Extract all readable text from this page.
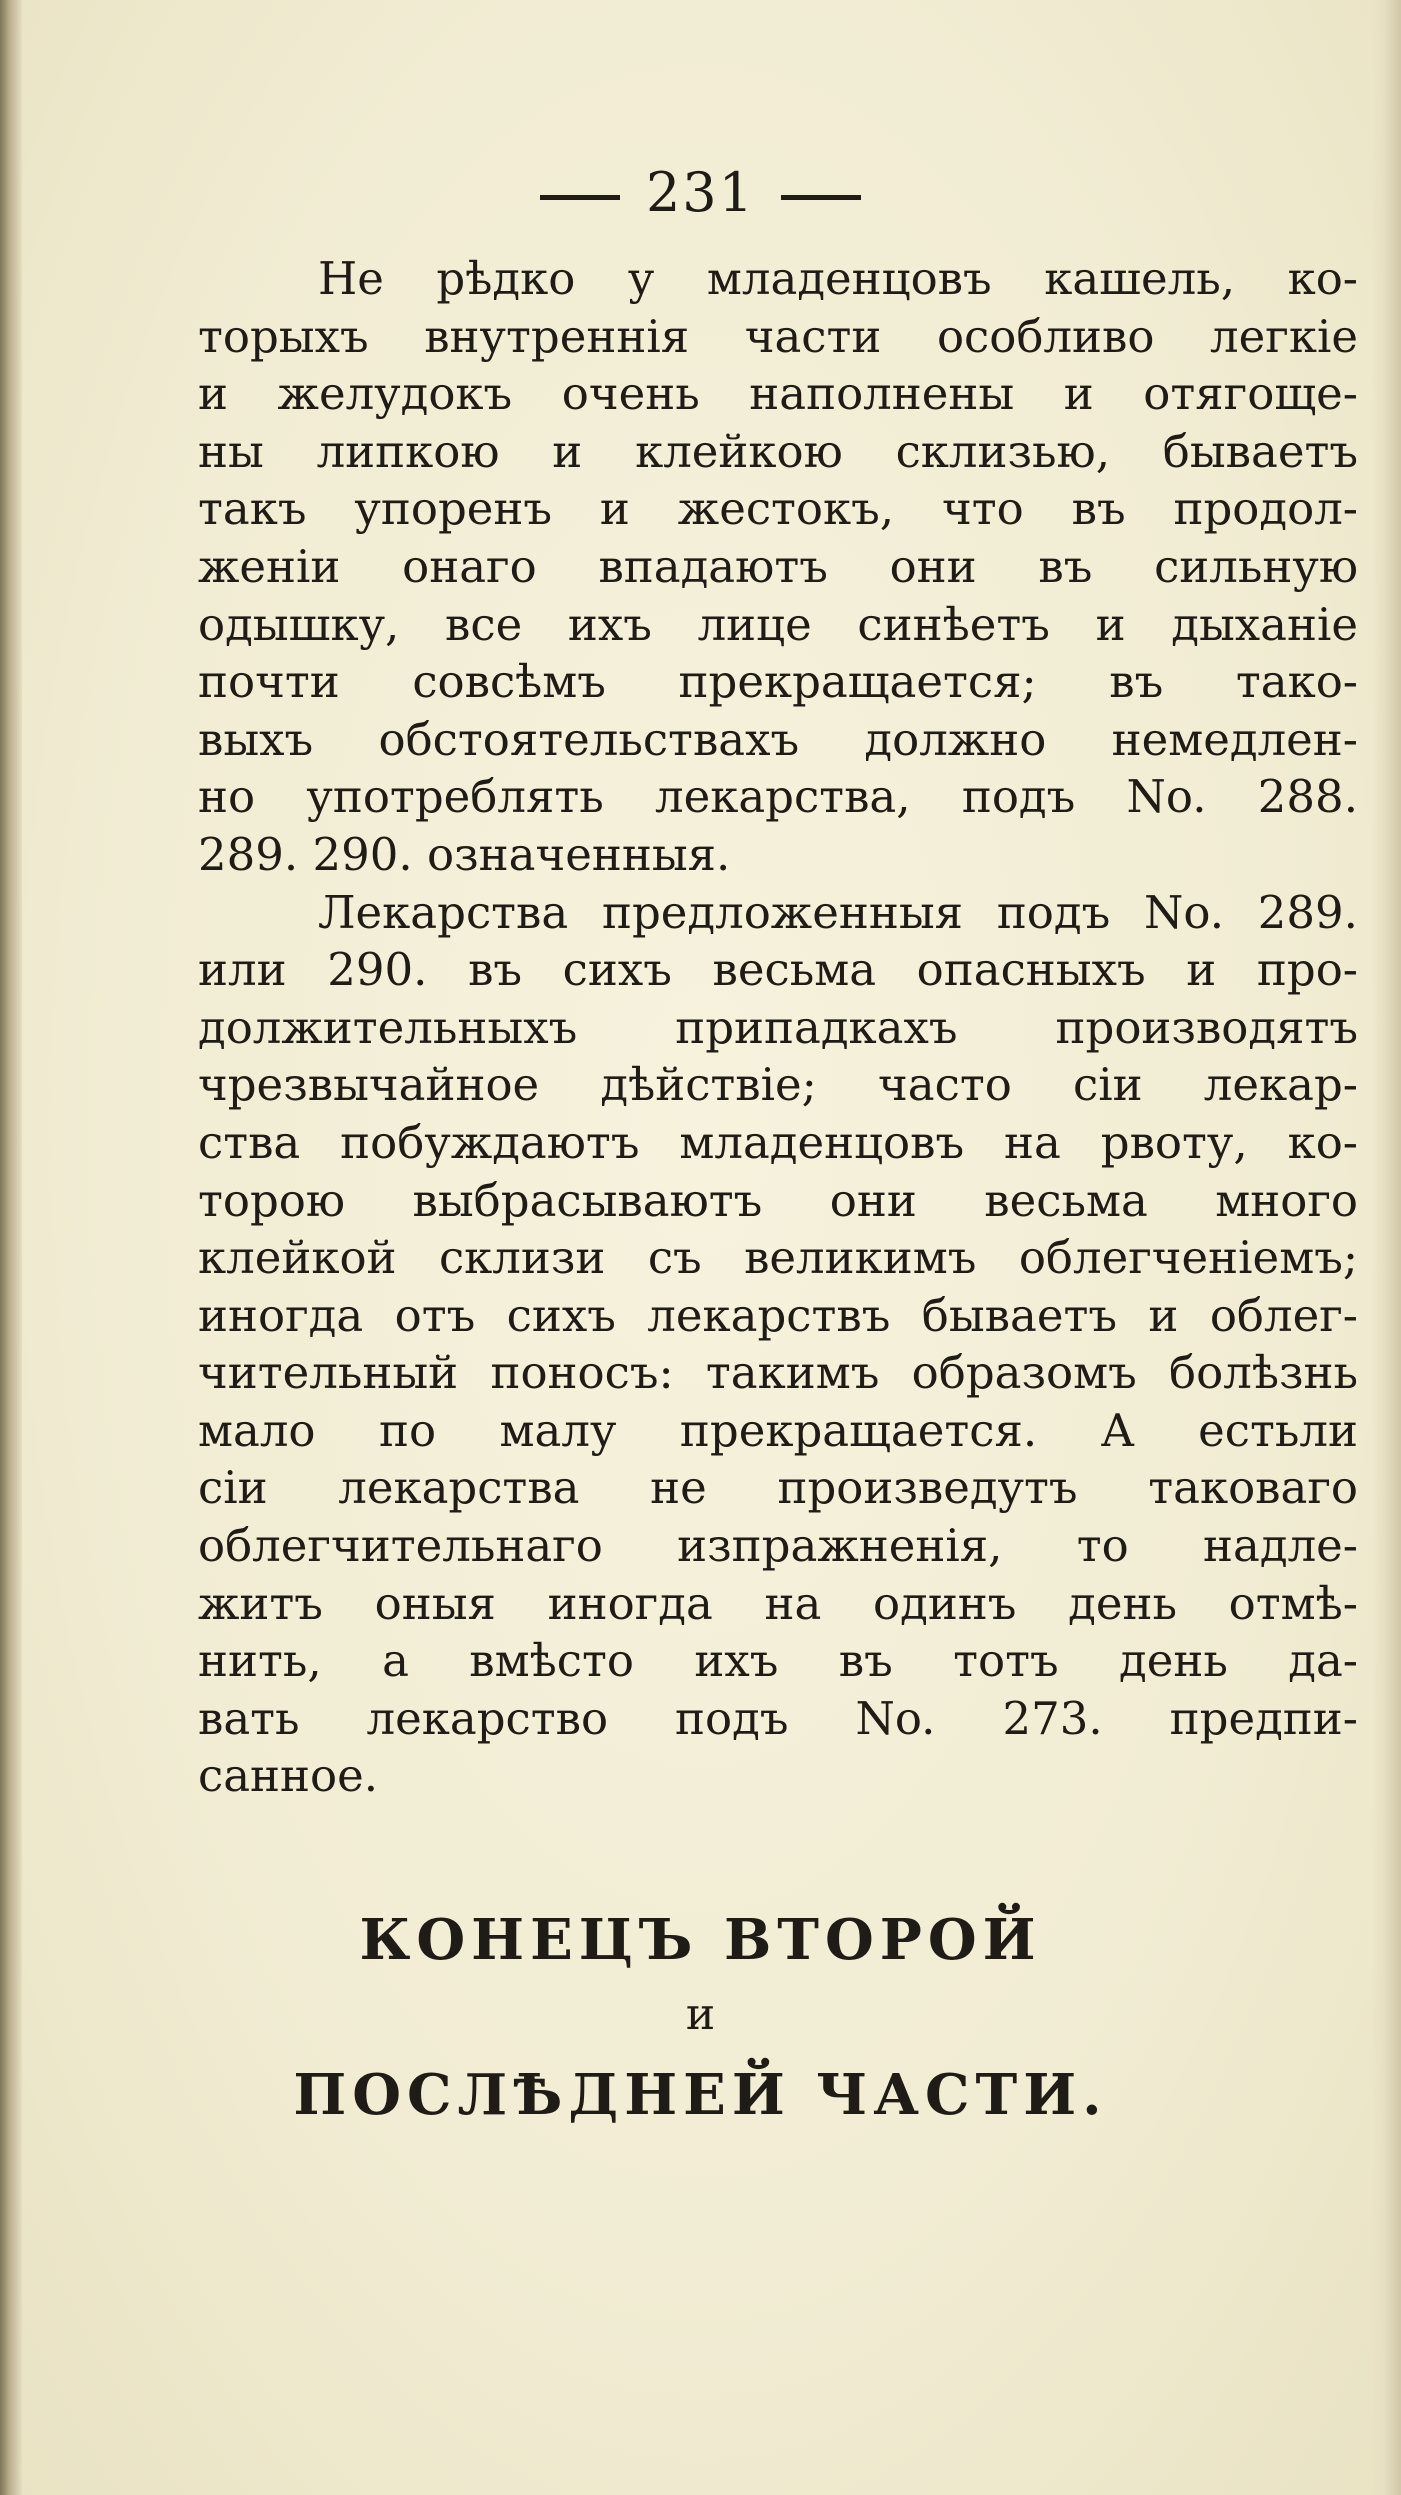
231
Не рѣдко у младенцовъ кашель, ко-
торыхъ внутреннія части особливо легкіе
и желудокъ очень наполнены и отягоще-
ны липкою и клейкою склизью, бываетъ
такъ упоренъ и жестокъ, что въ продол-
женіи онаго впадаютъ они въ сильную
одышку, все ихъ лице синѣетъ и дыханіе
почти совсѣмъ прекращается; въ тако-
выхъ обстоятельствахъ должно немедлен-
но употреблять лекарства, подъ No. 288.
289. 290. означенныя.
Лекарства предложенныя подъ No. 289.
или 290. въ сихъ весьма опасныхъ и про-
должительныхъ припадкахъ производятъ
чрезвычайное дѣйствіе; часто сіи лекар-
ства побуждаютъ младенцовъ на рвоту, ко-
торою выбрасываютъ они весьма много
клейкой склизи съ великимъ облегченіемъ;
иногда отъ сихъ лекарствъ бываетъ и облег-
чительный поносъ: такимъ образомъ болѣзнь
мало по малу прекращается. А естьли
сіи лекарства не произведутъ таковаго
облегчительнаго изпражненія, то надле-
житъ оныя иногда на одинъ день отмѣ-
нить, а вмѣсто ихъ въ тотъ день да-
вать лекарство подъ No. 273. предпи-
санное.
КОНЕЦЪ ВТОРОЙ
и
ПОСЛѢДНЕЙ ЧАСТИ.
